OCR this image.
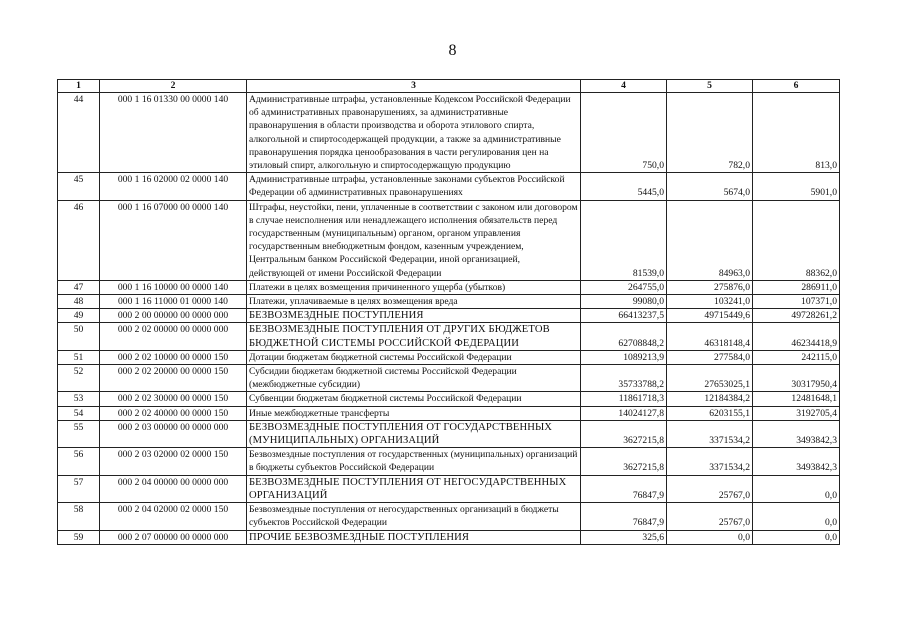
8
1	2	3	4	5	6
44	000 1 16 01330 00 0000 140	Административные штрафы, установленные Кодексом Российской Федерации об административных правонарушениях, за административные правонарушения в области производства и оборота этилового спирта, алкогольной и спиртосодержащей продукции, а также за административные правонарушения порядка ценообразования в части регулирования цен на этиловый спирт, алкогольную и спиртосодержащую продукцию	750,0	782,0	813,0
45	000 1 16 02000 02 0000 140	Административные штрафы, установленные законами субъектов Российской Федерации об административных правонарушениях	5445,0	5674,0	5901,0
46	000 1 16 07000 00 0000 140	Штрафы, неустойки, пени, уплаченные в соответствии с законом или договором в случае неисполнения или ненадлежащего исполнения обязательств перед государственным (муниципальным) органом, органом управления государственным внебюджетным фондом, казенным учреждением, Центральным банком Российской Федерации, иной организацией, действующей от имени Российской Федерации	81539,0	84963,0	88362,0
47	000 1 16 10000 00 0000 140	Платежи в целях возмещения причиненного ущерба (убытков)	264755,0	275876,0	286911,0
48	000 1 16 11000 01 0000 140	Платежи, уплачиваемые в целях возмещения вреда	99080,0	103241,0	107371,0
49	000 2 00 00000 00 0000 000	БЕЗВОЗМЕЗДНЫЕ ПОСТУПЛЕНИЯ	66413237,5	49715449,6	49728261,2
50	000 2 02 00000 00 0000 000	БЕЗВОЗМЕЗДНЫЕ ПОСТУПЛЕНИЯ ОТ ДРУГИХ БЮДЖЕТОВ БЮДЖЕТНОЙ СИСТЕМЫ РОССИЙСКОЙ ФЕДЕРАЦИИ	62708848,2	46318148,4	46234418,9
51	000 2 02 10000 00 0000 150	Дотации бюджетам бюджетной системы Российской Федерации	1089213,9	277584,0	242115,0
52	000 2 02 20000 00 0000 150	Субсидии бюджетам бюджетной системы Российской Федерации (межбюджетные субсидии)	35733788,2	27653025,1	30317950,4
53	000 2 02 30000 00 0000 150	Субвенции бюджетам бюджетной системы Российской Федерации	11861718,3	12184384,2	12481648,1
54	000 2 02 40000 00 0000 150	Иные межбюджетные трансферты	14024127,8	6203155,1	3192705,4
55	000 2 03 00000 00 0000 000	БЕЗВОЗМЕЗДНЫЕ ПОСТУПЛЕНИЯ ОТ ГОСУДАРСТВЕННЫХ (МУНИЦИПАЛЬНЫХ) ОРГАНИЗАЦИЙ	3627215,8	3371534,2	3493842,3
56	000 2 03 02000 02 0000 150	Безвозмездные поступления от государственных (муниципальных) организаций в бюджеты субъектов Российской Федерации	3627215,8	3371534,2	3493842,3
57	000 2 04 00000 00 0000 000	БЕЗВОЗМЕЗДНЫЕ ПОСТУПЛЕНИЯ ОТ НЕГОСУДАРСТВЕННЫХ ОРГАНИЗАЦИЙ	76847,9	25767,0	0,0
58	000 2 04 02000 02 0000 150	Безвозмездные поступления от негосударственных организаций в бюджеты субъектов Российской Федерации	76847,9	25767,0	0,0
59	000 2 07 00000 00 0000 000	ПРОЧИЕ БЕЗВОЗМЕЗДНЫЕ ПОСТУПЛЕНИЯ	325,6	0,0	0,0
